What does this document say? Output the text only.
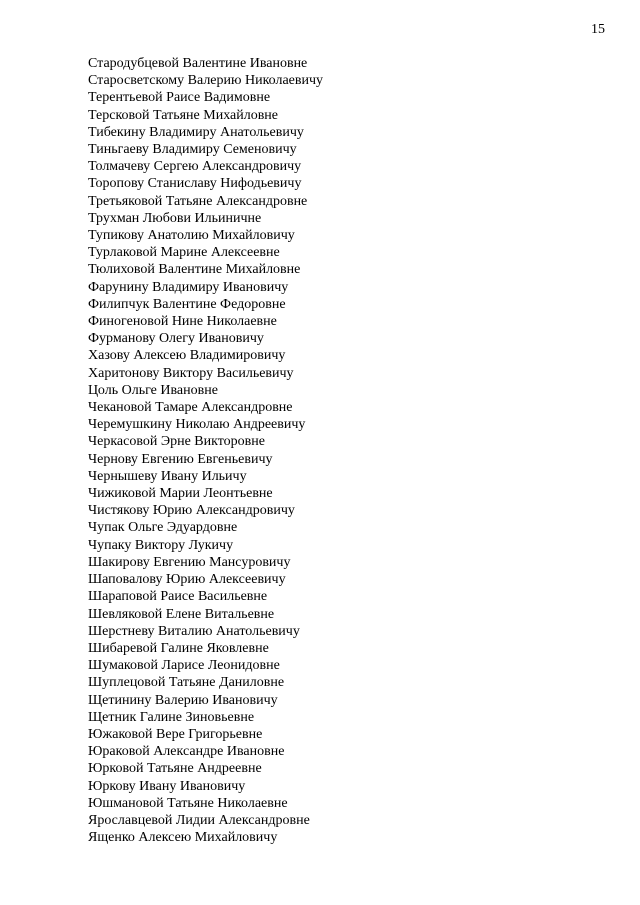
15
Стародубцевой Валентине Ивановне
Старосветскому Валерию Николаевичу
Терентьевой Раисе Вадимовне
Терсковой Татьяне Михайловне
Тибекину Владимиру Анатольевичу
Тиньгаеву Владимиру Семеновичу
Толмачеву Сергею Александровичу
Торопову Станиславу Нифодьевичу
Третьяковой Татьяне Александровне
Трухман Любови Ильиничне
Тупикову Анатолию Михайловичу
Турлаковой Марине Алексеевне
Тюлиховой Валентине Михайловне
Фарунину Владимиру Ивановичу
Филипчук Валентине Федоровне
Финогеновой Нине Николаевне
Фурманову Олегу Ивановичу
Хазову Алексею Владимировичу
Харитонову Виктору Васильевичу
Цоль Ольге Ивановне
Чекановой Тамаре Александровне
Черемушкину Николаю Андреевичу
Черкасовой Эрне Викторовне
Чернову Евгению Евгеньевичу
Чернышеву Ивану Ильичу
Чижиковой Марии Леонтьевне
Чистякову Юрию Александровичу
Чупак Ольге Эдуардовне
Чупаку Виктору Лукичу
Шакирову Евгению Мансуровичу
Шаповалову Юрию Алексеевичу
Шараповой Раисе Васильевне
Шевляковой Елене Витальевне
Шерстневу Виталию Анатольевичу
Шибаревой Галине Яковлевне
Шумаковой Ларисе Леонидовне
Шуплецовой Татьяне Даниловне
Щетинину Валерию Ивановичу
Щетник Галине Зиновьевне
Южаковой Вере Григорьевне
Юраковой Александре Ивановне
Юрковой Татьяне Андреевне
Юркову Ивану Ивановичу
Юшмановой Татьяне Николаевне
Ярославцевой Лидии Александровне
Ященко Алексею Михайловичу
